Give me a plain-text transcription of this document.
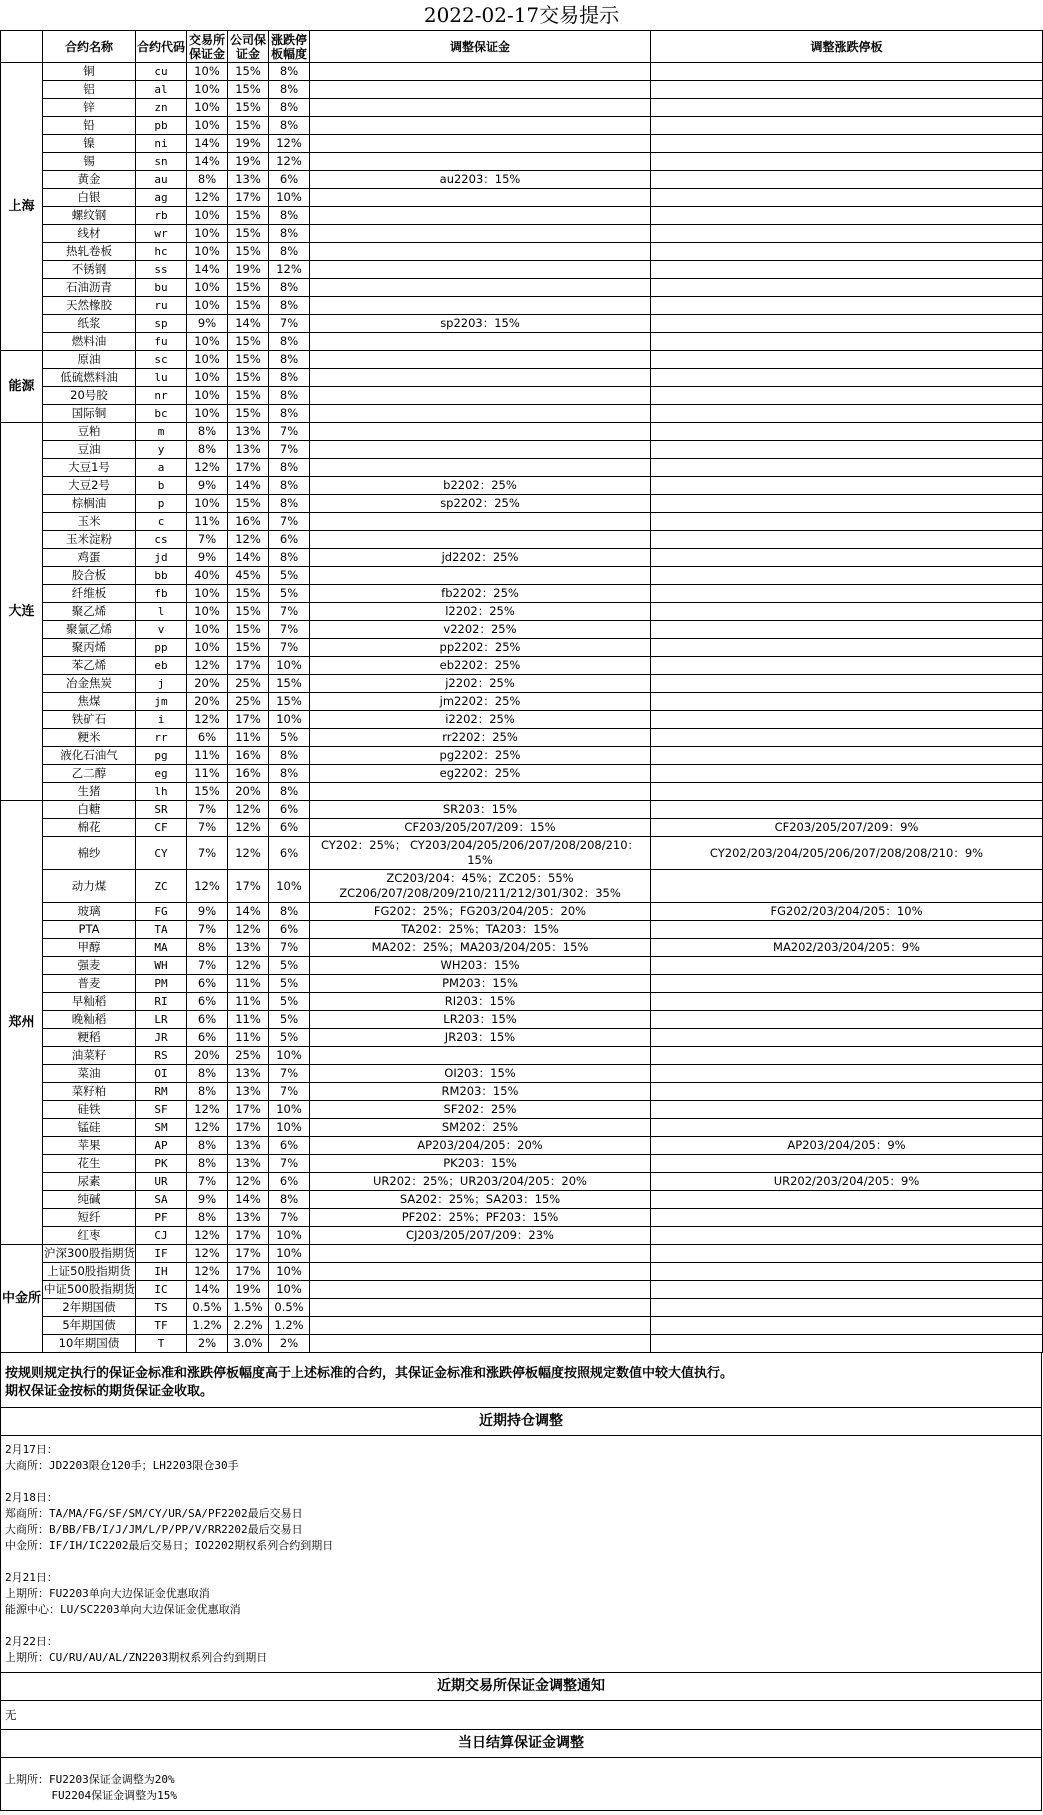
2022-02-17交易提示
	合约名称	合约代码	交易所保证金	公司保证金	涨跌停板幅度	调整保证金	调整涨跌停板
上海	铜	cu	10%	15%	8%		
	铝	al	10%	15%	8%		
	锌	zn	10%	15%	8%		
	铅	pb	10%	15%	8%		
	镍	ni	14%	19%	12%		
	锡	sn	14%	19%	12%		
	黄金	au	8%	13%	6%	au2203：15%	
	白银	ag	12%	17%	10%		
	螺纹钢	rb	10%	15%	8%		
	线材	wr	10%	15%	8%		
	热轧卷板	hc	10%	15%	8%		
	不锈钢	ss	14%	19%	12%		
	石油沥青	bu	10%	15%	8%		
	天然橡胶	ru	10%	15%	8%		
	纸浆	sp	9%	14%	7%	sp2203：15%	
	燃料油	fu	10%	15%	8%		
能源	原油	sc	10%	15%	8%		
	低硫燃料油	lu	10%	15%	8%		
	20号胶	nr	10%	15%	8%		
	国际铜	bc	10%	15%	8%		
大连	豆粕	m	8%	13%	7%		
	豆油	y	8%	13%	7%		
	大豆1号	a	12%	17%	8%		
	大豆2号	b	9%	14%	8%	b2202：25%	
	棕榈油	p	10%	15%	8%	sp2202：25%	
	玉米	c	11%	16%	7%		
	玉米淀粉	cs	7%	12%	6%		
	鸡蛋	jd	9%	14%	8%	jd2202：25%	
	胶合板	bb	40%	45%	5%		
	纤维板	fb	10%	15%	5%	fb2202：25%	
	聚乙烯	l	10%	15%	7%	l2202：25%	
	聚氯乙烯	v	10%	15%	7%	v2202：25%	
	聚丙烯	pp	10%	15%	7%	pp2202：25%	
	苯乙烯	eb	12%	17%	10%	eb2202：25%	
	冶金焦炭	j	20%	25%	15%	j2202：25%	
	焦煤	jm	20%	25%	15%	jm2202：25%	
	铁矿石	i	12%	17%	10%	i2202：25%	
	粳米	rr	6%	11%	5%	rr2202：25%	
	液化石油气	pg	11%	16%	8%	pg2202：25%	
	乙二醇	eg	11%	16%	8%	eg2202：25%	
	生猪	lh	15%	20%	8%		
郑州	白糖	SR	7%	12%	6%	SR203：15%	
	棉花	CF	7%	12%	6%	CF203/205/207/209：15%	CF203/205/207/209：9%
	棉纱	CY	7%	12%	6%	CY202：25%； CY203/204/205/206/207/208/208/210：15%	CY202/203/204/205/206/207/208/208/210：9%
	动力煤	ZC	12%	17%	10%	ZC203/204：45%；ZC205：55% ZC206/207/208/209/210/211/212/301/302：35%	
	玻璃	FG	9%	14%	8%	FG202：25%；FG203/204/205：20%	FG202/203/204/205：10%
	PTA	TA	7%	12%	6%	TA202：25%；TA203：15%	
	甲醇	MA	8%	13%	7%	MA202：25%；MA203/204/205：15%	MA202/203/204/205：9%
	强麦	WH	7%	12%	5%	WH203：15%	
	普麦	PM	6%	11%	5%	PM203：15%	
	早籼稻	RI	6%	11%	5%	RI203：15%	
	晚籼稻	LR	6%	11%	5%	LR203：15%	
	粳稻	JR	6%	11%	5%	JR203：15%	
	油菜籽	RS	20%	25%	10%		
	菜油	OI	8%	13%	7%	OI203：15%	
	菜籽粕	RM	8%	13%	7%	RM203：15%	
	硅铁	SF	12%	17%	10%	SF202：25%	
	锰硅	SM	12%	17%	10%	SM202：25%	
	苹果	AP	8%	13%	6%	AP203/204/205：20%	AP203/204/205：9%
	花生	PK	8%	13%	7%	PK203：15%	
	尿素	UR	7%	12%	6%	UR202：25%；UR203/204/205：20%	UR202/203/204/205：9%
	纯碱	SA	9%	14%	8%	SA202：25%；SA203：15%	
	短纤	PF	8%	13%	7%	PF202：25%；PF203：15%	
	红枣	CJ	12%	17%	10%	CJ203/205/207/209：23%	
中金所	沪深300股指期货	IF	12%	17%	10%		
	上证50股指期货	IH	12%	17%	10%		
	中证500股指期货	IC	14%	19%	10%		
	2年期国债	TS	0.5%	1.5%	0.5%		
	5年期国债	TF	1.2%	2.2%	1.2%		
	10年期国债	T	2%	3.0%	2%		
按规则规定执行的保证金标准和涨跌停板幅度高于上述标准的合约，其保证金标准和涨跌停板幅度按照规定数值中较大值执行。
期权保证金按标的期货保证金收取。
近期持仓调整
2月17日：
大商所：JD2203限仓120手；LH2203限仓30手
2月18日：
郑商所：TA/MA/FG/SF/SM/CY/UR/SA/PF2202最后交易日
大商所：B/BB/FB/I/J/JM/L/P/PP/V/RR2202最后交易日
中金所：IF/IH/IC2202最后交易日；IO2202期权系列合约到期日
2月21日：
上期所：FU2203单向大边保证金优惠取消
能源中心：LU/SC2203单向大边保证金优惠取消
2月22日：
上期所：CU/RU/AU/AL/ZN2203期权系列合约到期日
近期交易所保证金调整通知
无
当日结算保证金调整
上期所：FU2203保证金调整为20%
FU2204保证金调整为15%
